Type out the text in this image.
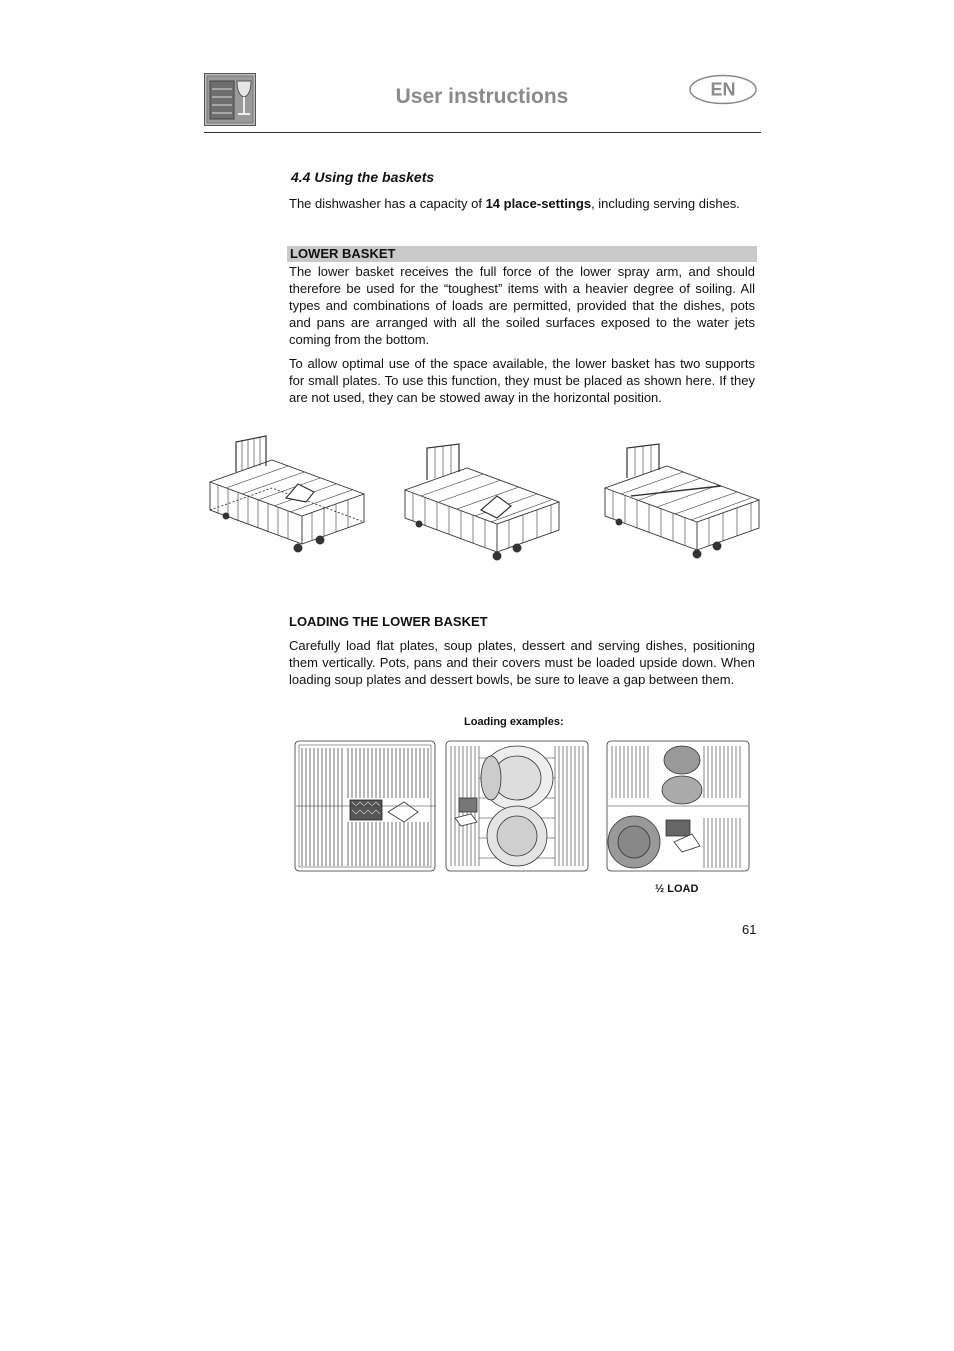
User instructions	EN
4.4 Using the baskets
The dishwasher has a capacity of 14 place-settings, including serving dishes.
LOWER BASKET
The lower basket receives the full force of the lower spray arm, and should therefore be used for the “toughest” items with a heavier degree of soiling. All types and combinations of loads are permitted, provided that the dishes, pots and pans are arranged with all the soiled surfaces exposed to the water jets coming from the bottom.
To allow optimal use of the space available, the lower basket has two supports for small plates. To use this function, they must be placed as shown here. If they are not used, they can be stowed away in the horizontal position.
LOADING THE LOWER BASKET
Carefully load flat plates, soup plates, dessert and serving dishes, positioning them vertically. Pots, pans and their covers must be loaded upside down. When loading soup plates and dessert bowls, be sure to leave a gap between them.
Loading examples:
½ LOAD
61
